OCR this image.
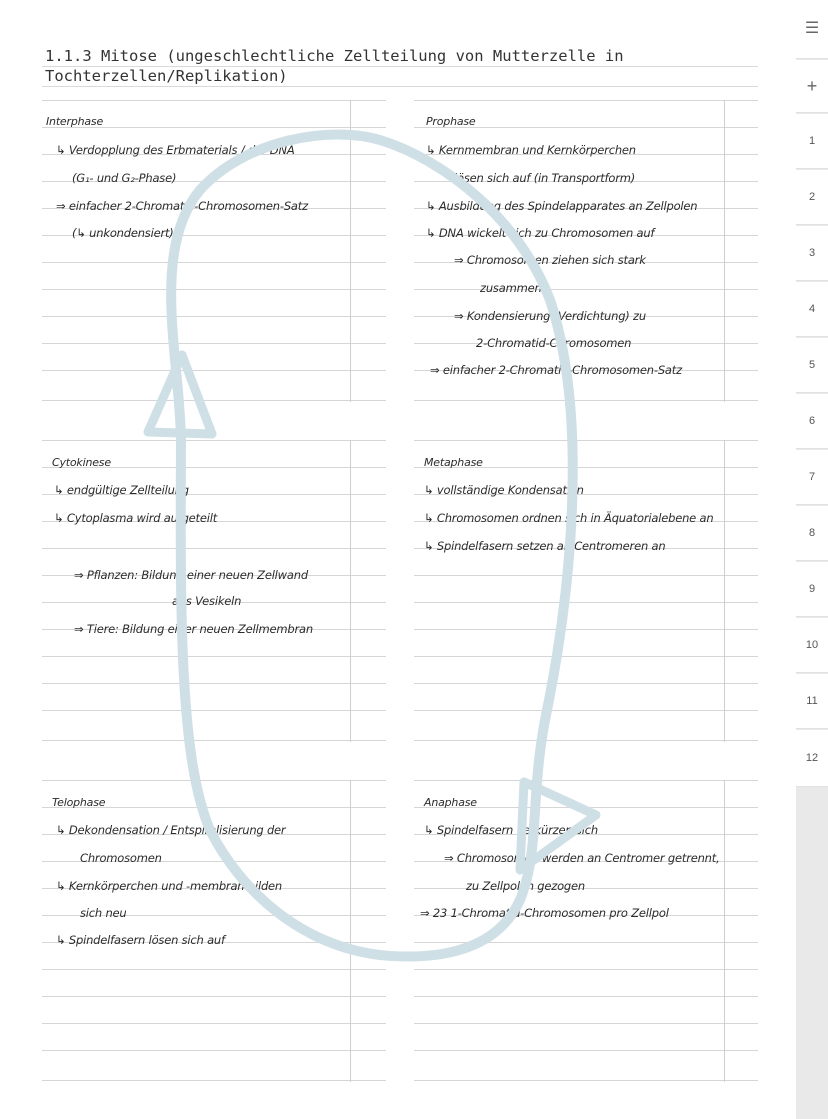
1.1.3 Mitose (ungeschlechtliche Zellteilung von Mutterzelle in Tochterzellen/Replikation)

Interphase

↳ Verdopplung des Erbmaterials / der DNA

(G₁- und G₂-Phase)

⇒ einfacher 2-Chromatid-Chromosomen-Satz

(↳ unkondensiert)

Prophase

↳ Kernmembran und Kernkörperchen

lösen sich auf (in Transportform)

↳ Ausbildung des Spindelapparates an Zellpolen

↳ DNA wickelt sich zu Chromosomen auf

⇒ Chromosomen ziehen sich stark

zusammen

⇒ Kondensierung (Verdichtung) zu

2-Chromatid-Chromosomen

⇒ einfacher 2-Chromatid-Chromosomen-Satz

Cytokinese

↳ endgültige Zellteilung

↳ Cytoplasma wird aufgeteilt

⇒ Pflanzen: Bildung einer neuen Zellwand

aus Vesikeln

⇒ Tiere: Bildung einer neuen Zellmembran

Metaphase

↳ vollständige Kondensation

↳ Chromosomen ordnen sich in Äquatorialebene an

↳ Spindelfasern setzen an Centromeren an

Telophase

↳ Dekondensation / Entspiralisierung der

Chromosomen

↳ Kernkörperchen und -membran bilden

sich neu

↳ Spindelfasern lösen sich auf

Anaphase

↳ Spindelfasern verkürzen sich

⇒ Chromosomen werden an Centromer getrennt,

zu Zellpolen gezogen

⇒ 23 1-Chromatid-Chromosomen pro Zellpol

☰
+
1
2
3
4
5
6
7
8
9
10
11
12
